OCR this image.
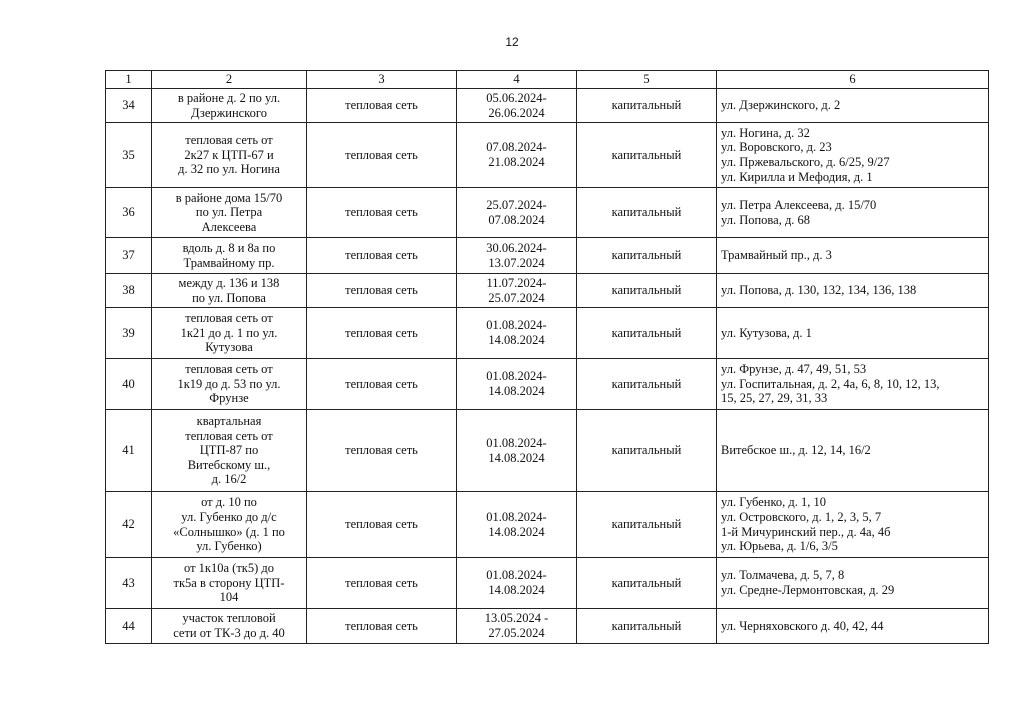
12
1	2	3	4	5	6
34	в районе д. 2 по ул.
Дзержинского	тепловая сеть	05.06.2024-
26.06.2024	капитальный	ул. Дзержинского, д. 2

35	тепловая сеть от
2к27 к ЦТП-67 и
д. 32 по ул. Ногина	тепловая сеть	07.08.2024-
21.08.2024	капитальный	ул. Ногина, д. 32
ул. Воровского, д. 23
ул. Пржевальского, д. 6/25, 9/27
ул. Кирилла и Мефодия, д. 1

36	в районе дома 15/70
по ул. Петра
Алексеева	тепловая сеть	25.07.2024-
07.08.2024	капитальный	ул. Петра Алексеева, д. 15/70
ул. Попова, д. 68

37	вдоль д. 8 и 8а по
Трамвайному пр.	тепловая сеть	30.06.2024-
13.07.2024	капитальный	Трамвайный пр., д. 3

38	между д. 136 и 138
по ул. Попова	тепловая сеть	11.07.2024-
25.07.2024	капитальный	ул. Попова, д. 130, 132, 134, 136, 138

39	тепловая сеть от
1к21 до д. 1 по ул.
Кутузова	тепловая сеть	01.08.2024-
14.08.2024	капитальный	ул. Кутузова, д. 1

40	тепловая сеть от
1к19 до д. 53 по ул.
Фрунзе	тепловая сеть	01.08.2024-
14.08.2024	капитальный	ул. Фрунзе, д. 47, 49, 51, 53
ул. Госпитальная, д. 2, 4а, 6, 8, 10, 12, 13,
15, 25, 27, 29, 31, 33

41	квартальная
тепловая сеть от
ЦТП-87 по
Витебскому ш.,
д. 16/2	тепловая сеть	01.08.2024-
14.08.2024	капитальный	Витебское ш., д. 12, 14, 16/2

42	от д. 10 по
ул. Губенко до д/с
«Солнышко» (д. 1 по
ул. Губенко)	тепловая сеть	01.08.2024-
14.08.2024	капитальный	ул. Губенко, д. 1, 10
ул. Островского, д. 1, 2, 3, 5, 7
1-й Мичуринский пер., д. 4а, 4б
ул. Юрьева, д. 1/6, 3/5

43	от 1к10а (тк5) до
тк5а в сторону ЦТП-
104	тепловая сеть	01.08.2024-
14.08.2024	капитальный	ул. Толмачева, д. 5, 7, 8
ул. Средне-Лермонтовская, д. 29

44	участок тепловой
сети от ТК-3 до д. 40	тепловая сеть	13.05.2024 -
27.05.2024	капитальный	ул. Черняховского д. 40, 42, 44
